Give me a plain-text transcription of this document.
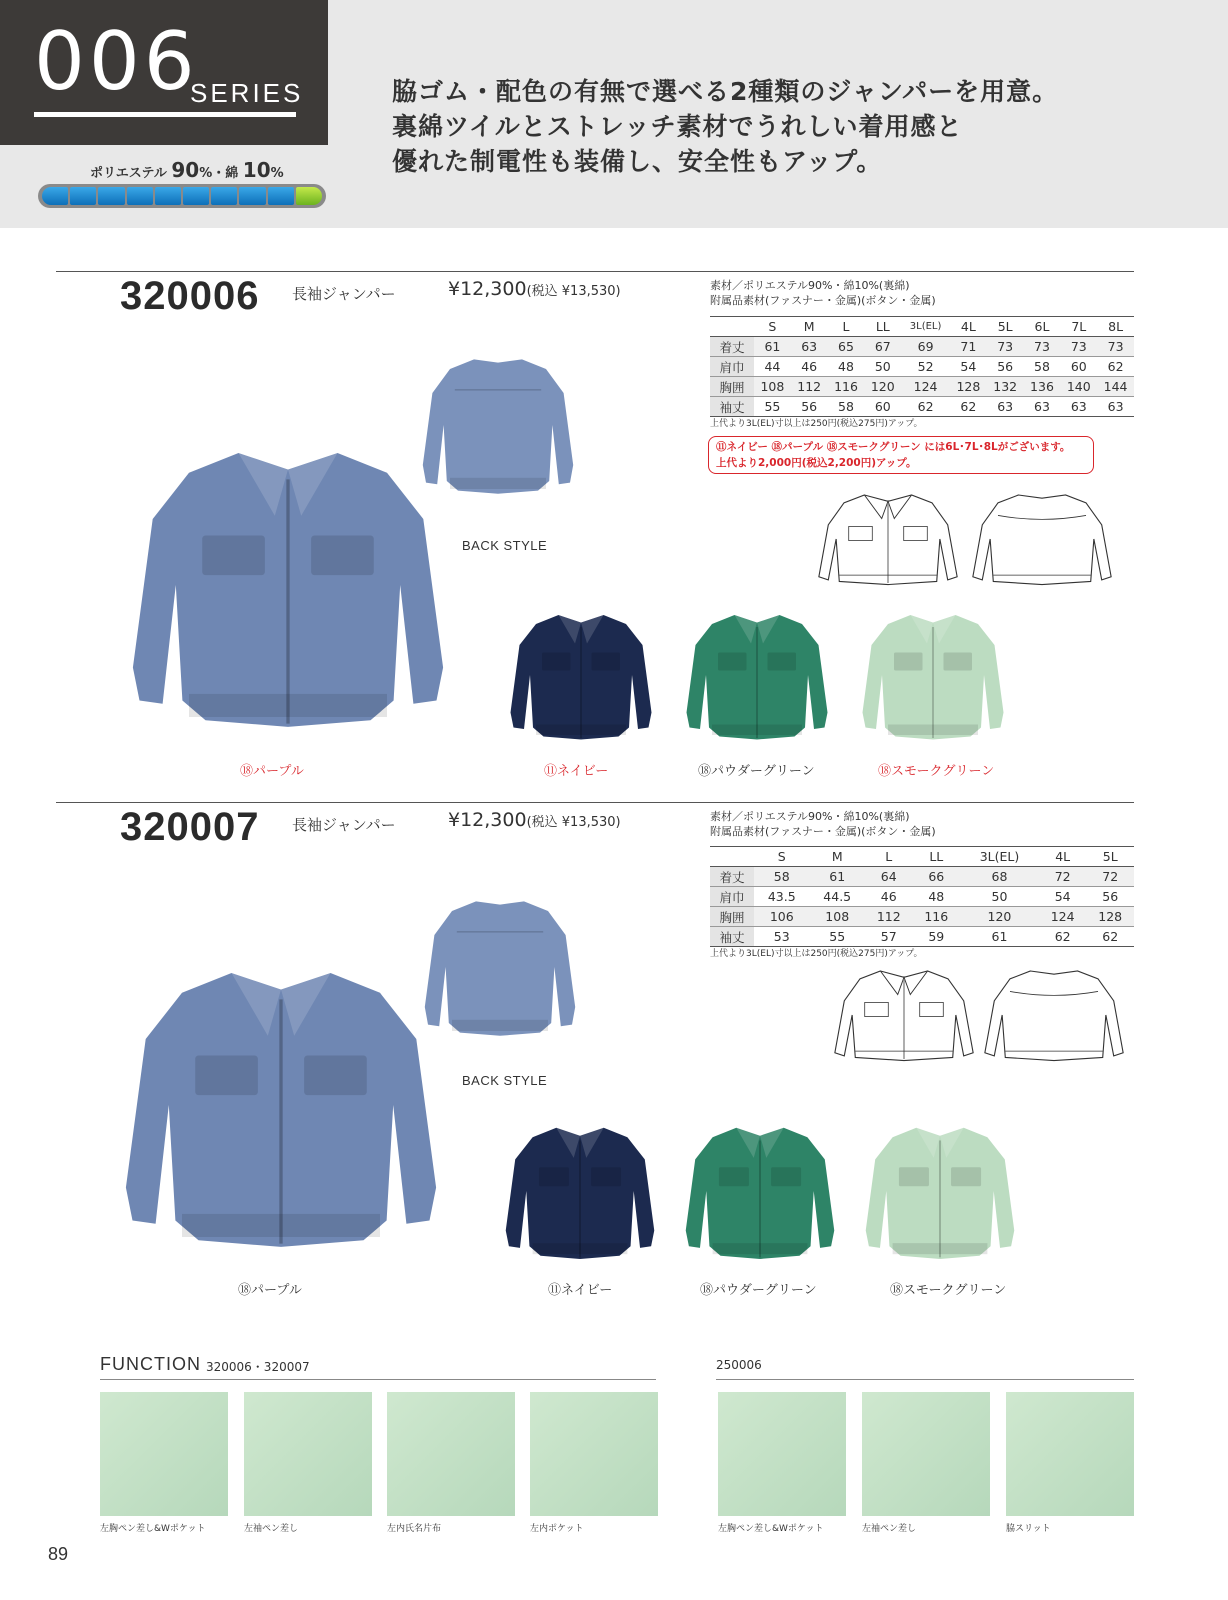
006
SERIES
ポリエステル 90%・綿 10%
脇ゴム・配色の有無で選べる2種類のジャンパーを用意。
裏綿ツイルとストレッチ素材でうれしい着用感と
優れた制電性も装備し、安全性もアップ。
320006 長袖ジャンパー	¥12,300(税込 ¥13,530)	素材／ポリエステル90%・綿10%(裏綿)
附属品素材(ファスナー・金属)(ボタン・金属)
	S	M	L	LL	3L(EL)	4L	5L	6L	7L	8L
着丈	61	63	65	67	69	71	73	73	73	73
肩巾	44	46	48	50	52	54	56	58	60	62
胸囲	108	112	116	120	124	128	132	136	140	144
袖丈	55	56	58	60	62	62	63	63	63	63
上代より3L(EL)寸以上は250円(税込275円)アップ。
⑪ネイビー ⑱パープル ⑱スモークグリーン には6L･7L･8Lがございます。
上代より2,000円(税込2,200円)アップ。
BACK STYLE
⑱パープル	⑪ネイビー	⑱パウダーグリーン	⑱スモークグリーン
320007 長袖ジャンパー	¥12,300(税込 ¥13,530)	素材／ポリエステル90%・綿10%(裏綿)
附属品素材(ファスナー・金属)(ボタン・金属)
	S	M	L	LL	3L(EL)	4L	5L
着丈	58	61	64	66	68	72	72
肩巾	43.5	44.5	46	48	50	54	56
胸囲	106	108	112	116	120	124	128
袖丈	53	55	57	59	61	62	62
上代より3L(EL)寸以上は250円(税込275円)アップ。
BACK STYLE
⑱パープル	⑪ネイビー	⑱パウダーグリーン	⑱スモークグリーン
FUNCTION 320006・320007	250006
左胸ペン差し&Wポケット	左袖ペン差し	左内氏名片布	左内ポケット	左胸ペン差し&Wポケット	左袖ペン差し	脇スリット
89
